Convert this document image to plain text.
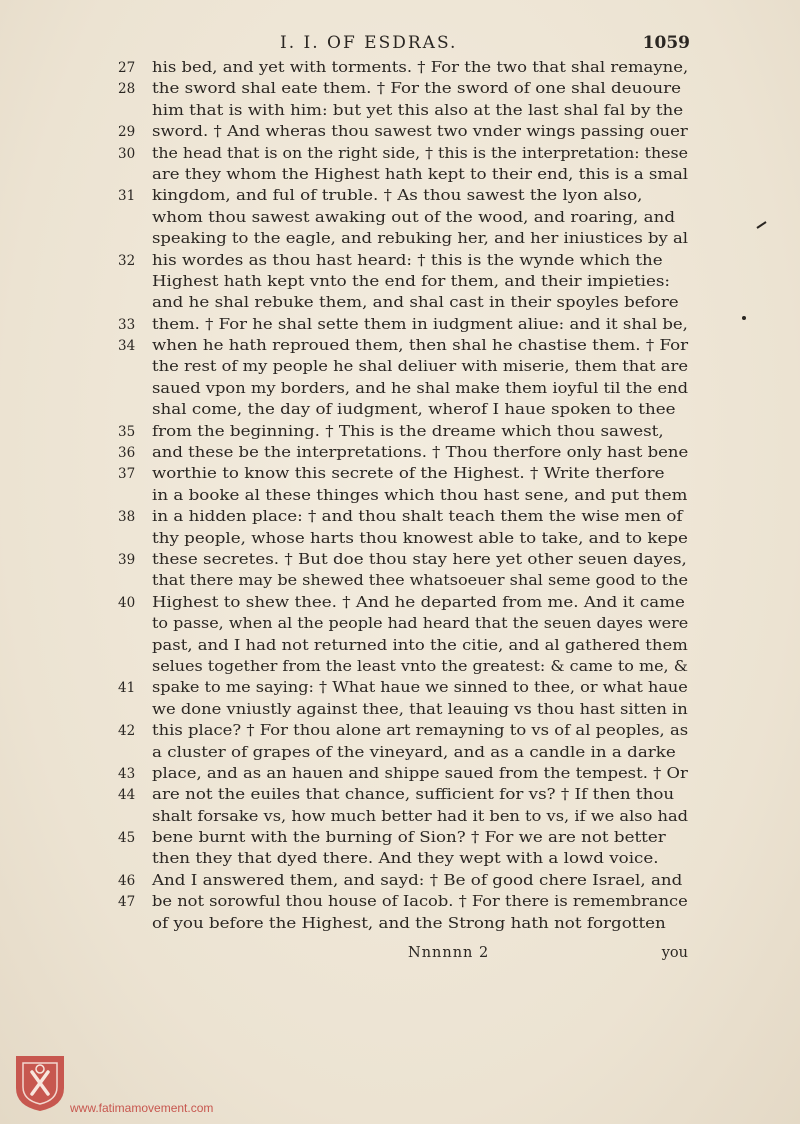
I. I. OF ESDRAS.	1059
27	his bed, and yet with torments. † For the two that shal remayne,
28	the sword shal eate them. † For the sword of one shal deuoure
him that is with him: but yet this also at the last shal fal by the
29	sword. † And wheras thou sawest two vnder wings passing ouer
30	the head that is on the right side, † this is the interpretation: these
are they whom the Highest hath kept to their end, this is a smal
31	kingdom, and ful of truble. † As thou sawest the lyon also,
whom thou sawest awaking out of the wood, and roaring, and
speaking to the eagle, and rebuking her, and her iniustices by al
32	his wordes as thou hast heard: † this is the wynde which the
Highest hath kept vnto the end for them, and their impieties:
and he shal rebuke them, and shal cast in their spoyles before
33	them. † For he shal sette them in iudgment aliue: and it shal be,
34	when he hath reproued them, then shal he chastise them. † For
the rest of my people he shal deliuer with miserie, them that are
saued vpon my borders, and he shal make them ioyful til the end
shal come, the day of iudgment, wherof I haue spoken to thee
35	from the beginning. † This is the dreame which thou sawest,
36	and these be the interpretations. † Thou therfore only hast bene
37	worthie to know this secrete of the Highest. † Write therfore
in a booke al these thinges which thou hast sene, and put them
38	in a hidden place: † and thou shalt teach them the wise men of
thy people, whose harts thou knowest able to take, and to kepe
39	these secretes. † But doe thou stay here yet other seuen dayes,
that there may be shewed thee whatsoeuer shal seme good to the
40	Highest to shew thee. † And he departed from me. And it came
to passe, when al the people had heard that the seuen dayes were
past, and I had not returned into the citie, and al gathered them
selues together from the least vnto the greatest: & came to me, &
41	spake to me saying: † What haue we sinned to thee, or what haue
we done vniustly against thee, that leauing vs thou hast sitten in
42	this place? † For thou alone art remayning to vs of al peoples, as
a cluster of grapes of the vineyard, and as a candle in a darke
43	place, and as an hauen and shippe saued from the tempest. † Or
44	are not the euiles that chance, sufficient for vs? † If then thou
shalt forsake vs, how much better had it ben to vs, if we also had
45	bene burnt with the burning of Sion? † For we are not better
then they that dyed there. And they wept with a lowd voice.
46	And I answered them, and sayd: † Be of good chere Israel, and
47	be not sorowful thou house of Iacob. † For there is remembrance
of you before the Highest, and the Strong hath not forgotten
Nnnnnn 2	you
www.fatimamovement.com
